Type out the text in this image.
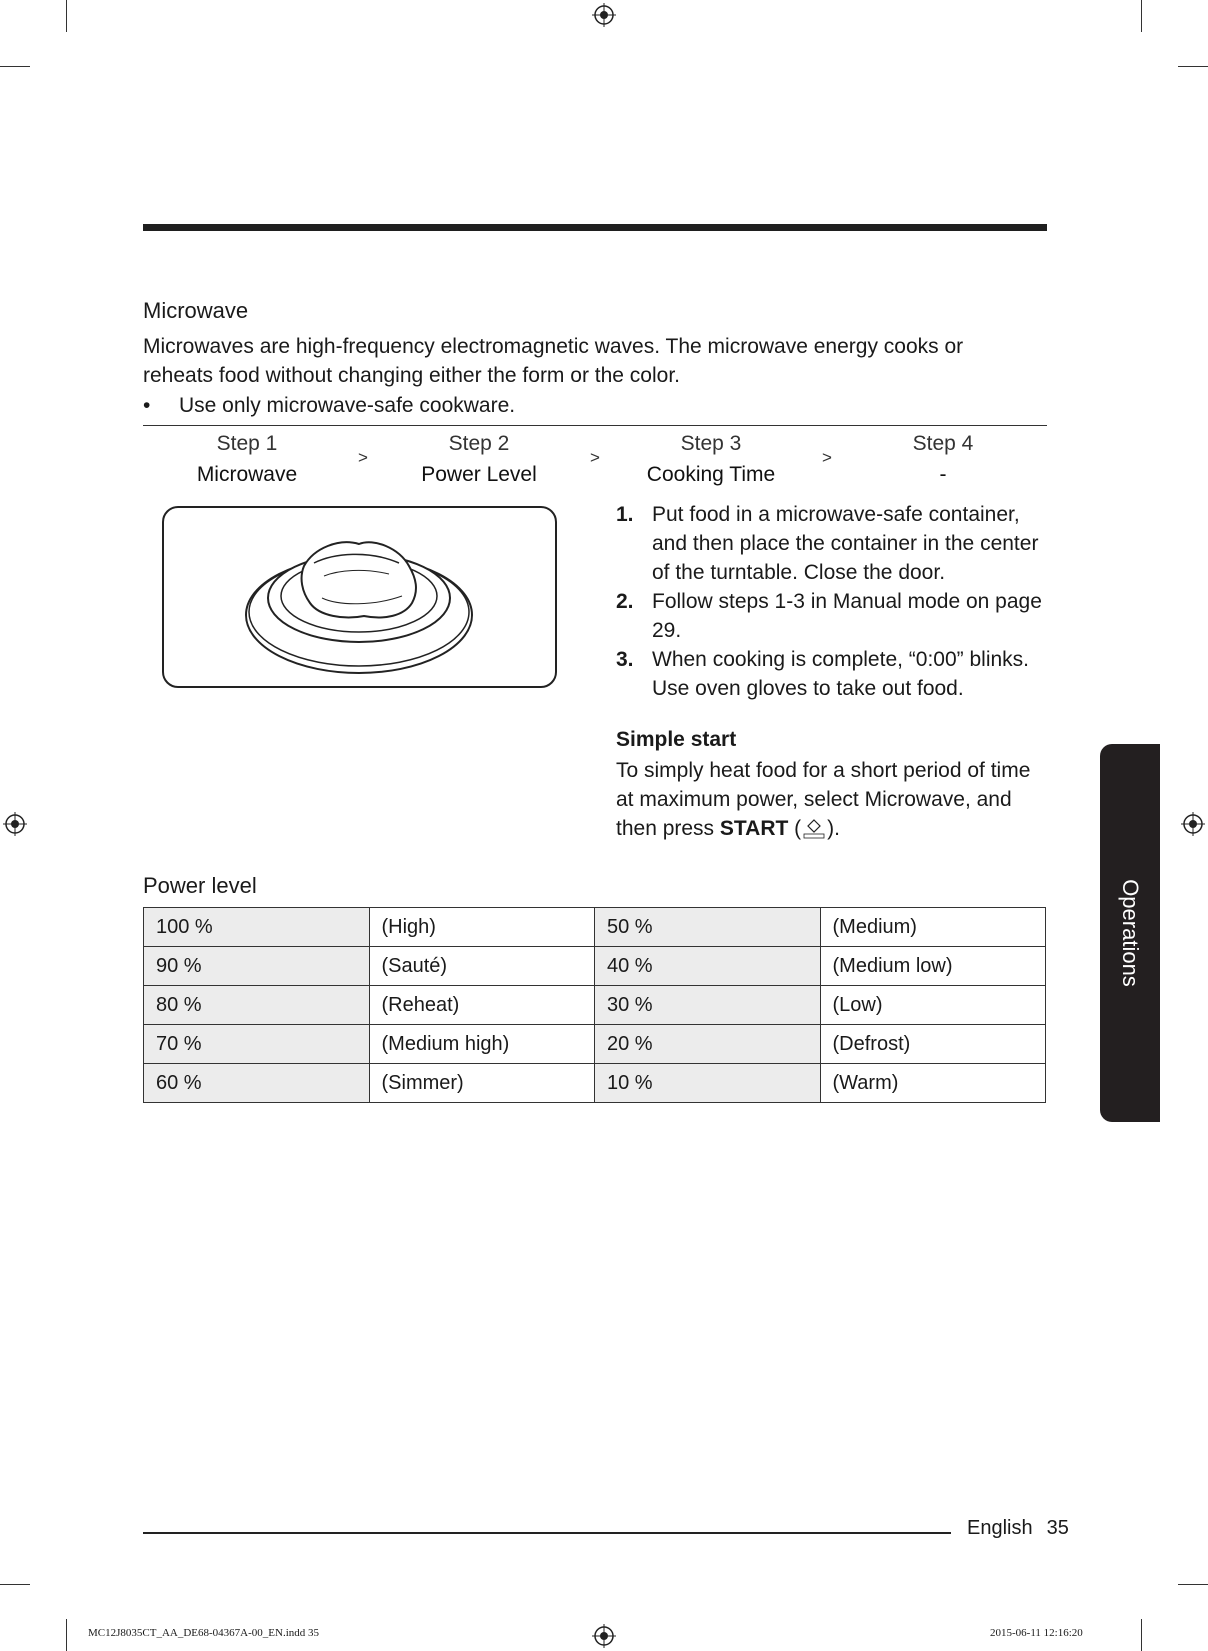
Microwave
Microwaves are high-frequency electromagnetic waves. The microwave energy cooks or reheats food without changing either the form or the color.
• Use only microwave-safe cookware.
Step 1
Microwave
>
Step 2
Power Level
>
Step 3
Cooking Time
>
Step 4
-
1. Put food in a microwave-safe container, and then place the container in the center of the turntable. Close the door.
2. Follow steps 1-3 in Manual mode on page 29.
3. When cooking is complete, “0:00” blinks. Use oven gloves to take out food.
Simple start
To simply heat food for a short period of time at maximum power, select Microwave, and then press START ( ).
Power level
100 %	(High)	50 %	(Medium)
90 %	(Sauté)	40 %	(Medium low)
80 %	(Reheat)	30 %	(Low)
70 %	(Medium high)	20 %	(Defrost)
60 %	(Simmer)	10 %	(Warm)
Operations
English 35
MC12J8035CT_AA_DE68-04367A-00_EN.indd 35	2015-06-11 12:16:20
